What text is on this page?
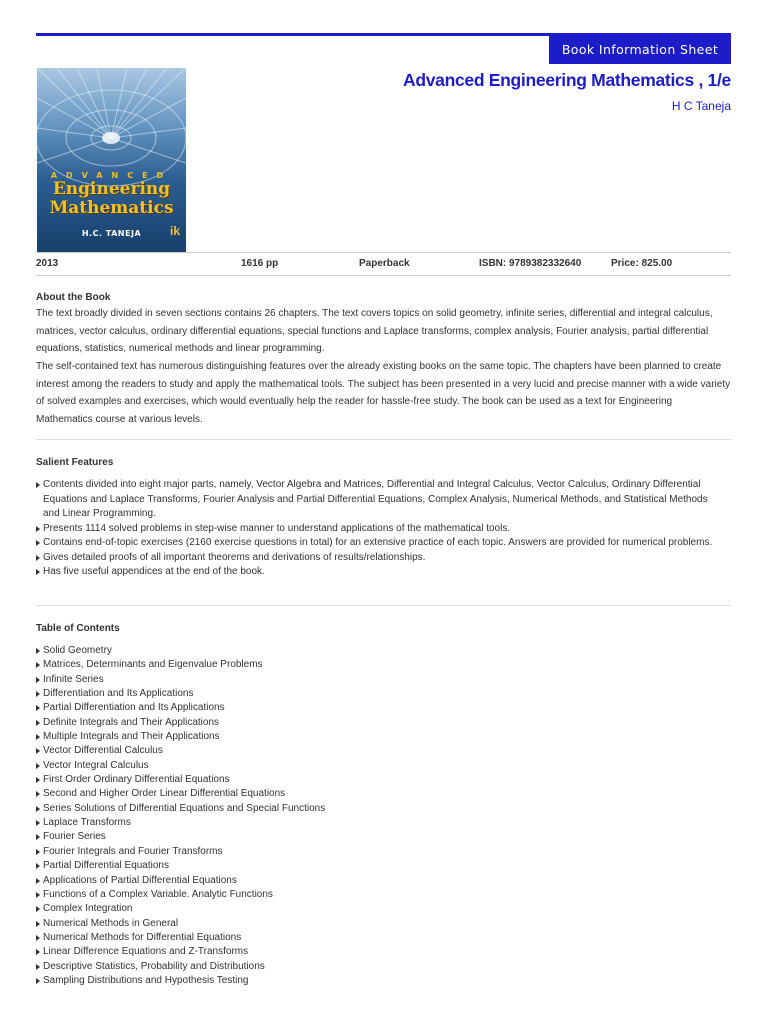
Book Information Sheet
ADVANCED
Engineering
Mathematics
H.C. TANEJA	ik
Advanced Engineering Mathematics , 1/e
H C Taneja
2013	1616 pp	Paperback	ISBN: 9789382332640	Price: 825.00
About the Book
The text broadly divided in seven sections contains 26 chapters. The text covers topics on solid geometry, infinite series, differential and integral calculus, matrices, vector calculus, ordinary differential equations, special functions and Laplace transforms, complex analysis, Fourier analysis, partial differential equations, statistics, numerical methods and linear programming.
The self-contained text has numerous distinguishing features over the already existing books on the same topic. The chapters have been planned to create interest among the readers to study and apply the mathematical tools. The subject has been presented in a very lucid and precise manner with a wide variety of solved examples and exercises, which would eventually help the reader for hassle-free study. The book can be used as a text for Engineering Mathematics course at various levels.
Salient Features
Contents divided into eight major parts, namely, Vector Algebra and Matrices, Differential and Integral Calculus, Vector Calculus, Ordinary Differential Equations and Laplace Transforms, Fourier Analysis and Partial Differential Equations, Complex Analysis, Numerical Methods, and Statistical Methods and Linear Programming.
Presents 1114 solved problems in step-wise manner to understand applications of the mathematical tools.
Contains end-of-topic exercises (2160 exercise questions in total) for an extensive practice of each topic. Answers are provided for numerical problems.
Gives detailed proofs of all important theorems and derivations of results/relationships.
Has five useful appendices at the end of the book.
Table of Contents
Solid Geometry
Matrices, Determinants and Eigenvalue Problems
Infinite Series
Differentiation and Its Applications
Partial Differentiation and Its Applications
Definite Integrals and Their Applications
Multiple Integrals and Their Applications
Vector Differential Calculus
Vector Integral Calculus
First Order Ordinary Differential Equations
Second and Higher Order Linear Differential Equations
Series Solutions of Differential Equations and Special Functions
Laplace Transforms
Fourier Series
Fourier Integrals and Fourier Transforms
Partial Differential Equations
Applications of Partial Differential Equations
Functions of a Complex Variable. Analytic Functions
Complex Integration
Numerical Methods in General
Numerical Methods for Differential Equations
Linear Difference Equations and Z-Transforms
Descriptive Statistics, Probability and Distributions
Sampling Distributions and Hypothesis Testing
